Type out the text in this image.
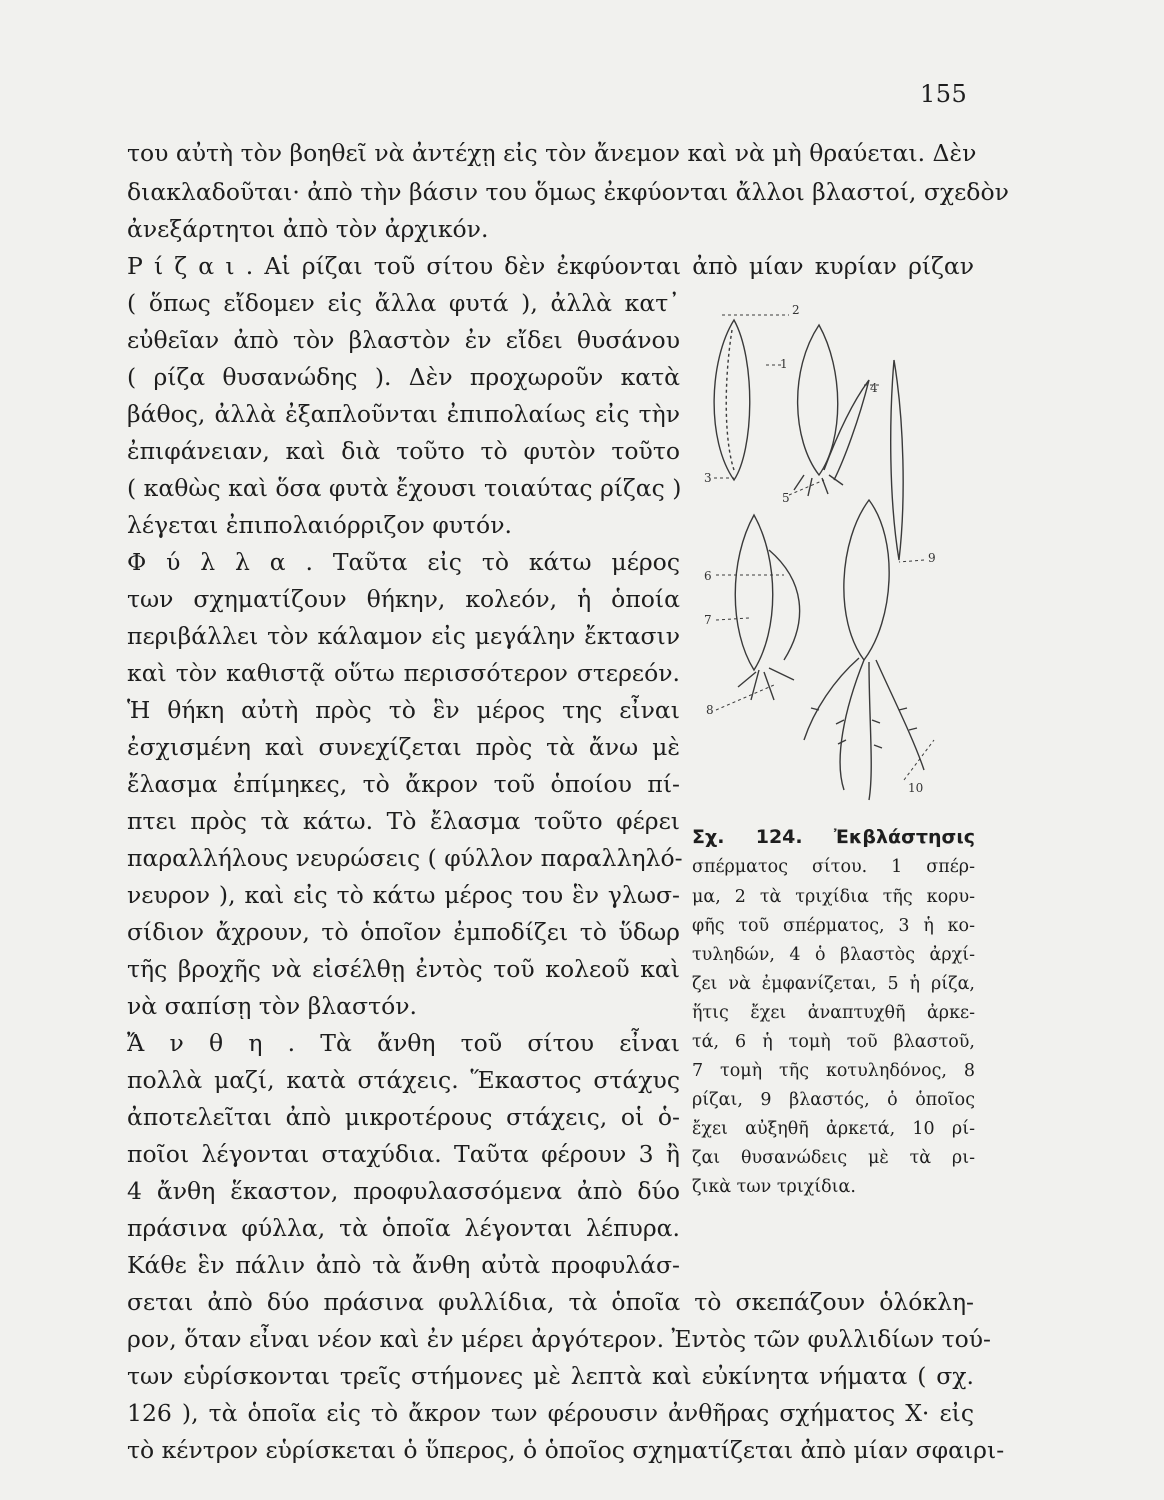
155

του αὐτὴ τὸν βοηθεῖ νὰ ἀντέχῃ εἰς τὸν ἄνεμον καὶ νὰ μὴ θραύεται. Δὲν

διακλαδοῦται· ἀπὸ τὴν βάσιν του ὅμως ἐκφύονται ἄλλοι βλαστοί, σχεδὸν

ἀνεξάρτητοι ἀπὸ τὸν ἀρχικόν.

Ρ ί ζ α ι . Αἱ ρίζαι τοῦ σίτου δὲν ἐκφύονται ἀπὸ μίαν κυρίαν ρίζαν

( ὅπως εἴδομεν εἰς ἄλλα φυτά ), ἀλλὰ κατ᾿

εὐθεῖαν ἀπὸ τὸν βλαστὸν ἐν εἴδει θυσάνου

( ρίζα θυσανώδης ). Δὲν προχωροῦν κατὰ

βάθος, ἀλλὰ ἐξαπλοῦνται ἐπιπολαίως εἰς τὴν

ἐπιφάνειαν, καὶ διὰ τοῦτο τὸ φυτὸν τοῦτο

( καθὼς καὶ ὅσα φυτὰ ἔχουσι τοιαύτας ρίζας )

λέγεται ἐπιπολαιόρριζον φυτόν.

Φ ύ λ λ α . Ταῦτα εἰς τὸ κάτω μέρος

των σχηματίζουν θήκην, κολεόν, ἡ ὁποία

περιβάλλει τὸν κάλαμον εἰς μεγάλην ἔκτασιν

καὶ τὸν καθιστᾷ οὕτω περισσότερον στερεόν.

Ἡ θήκη αὐτὴ πρὸς τὸ ἓν μέρος της εἶναι

ἐσχισμένη καὶ συνεχίζεται πρὸς τὰ ἄνω μὲ

ἔλασμα ἐπίμηκες, τὸ ἄκρον τοῦ ὁποίου πί-

πτει πρὸς τὰ κάτω. Τὸ ἔλασμα τοῦτο φέρει

παραλλήλους νευρώσεις ( φύλλον παραλληλό-

νευρον ), καὶ εἰς τὸ κάτω μέρος του ἓν γλωσ-

σίδιον ἄχρουν, τὸ ὁποῖον ἐμποδίζει τὸ ὕδωρ

τῆς βροχῆς νὰ εἰσέλθῃ ἐντὸς τοῦ κολεοῦ καὶ

νὰ σαπίσῃ τὸν βλαστόν.

Ἄ ν θ η . Τὰ ἄνθη τοῦ σίτου εἶναι

πολλὰ μαζί, κατὰ στάχεις. Ἕκαστος στάχυς

ἀποτελεῖται ἀπὸ μικροτέρους στάχεις, οἱ ὁ-

ποῖοι λέγονται σταχύδια. Ταῦτα φέρουν 3 ἢ

4 ἄνθη ἕκαστον, προφυλασσόμενα ἀπὸ δύο

πράσινα φύλλα, τὰ ὁποῖα λέγονται λέπυρα.

Κάθε ἓν πάλιν ἀπὸ τὰ ἄνθη αὐτὰ προφυλάσ-

σεται ἀπὸ δύο πράσινα φυλλίδια, τὰ ὁποῖα τὸ σκεπάζουν ὁλόκλη-

ρον, ὅταν εἶναι νέον καὶ ἐν μέρει ἀργότερον. Ἐντὸς τῶν φυλλιδίων τού-

των εὑρίσκονται τρεῖς στήμονες μὲ λεπτὰ καὶ εὐκίνητα νήματα ( σχ.

126 ), τὰ ὁποῖα εἰς τὸ ἄκρον των φέρουσιν ἀνθῆρας σχήματος Χ· εἰς

τὸ κέντρον εὑρίσκεται ὁ ὕπερος, ὁ ὁποῖος σχηματίζεται ἀπὸ μίαν σφαιρι-

1
2
3
4
5
6
7
8
9
10

Σχ. 124. Ἐκβλάστησις

σπέρματος σίτου. 1 σπέρ-

μα, 2 τὰ τριχίδια τῆς κορυ-

φῆς τοῦ σπέρματος, 3 ἡ κο-

τυληδών, 4 ὁ βλαστὸς ἀρχί-

ζει νὰ ἐμφανίζεται, 5 ἡ ρίζα,

ἥτις ἔχει ἀναπτυχθῆ ἀρκε-

τά, 6 ἡ τομὴ τοῦ βλαστοῦ,

7 τομὴ τῆς κοτυληδόνος, 8

ρίζαι, 9 βλαστός, ὁ ὁποῖος

ἔχει αὐξηθῆ ἀρκετά, 10 ρί-

ζαι θυσανώδεις μὲ τὰ ρι-

ζικὰ των τριχίδια.
